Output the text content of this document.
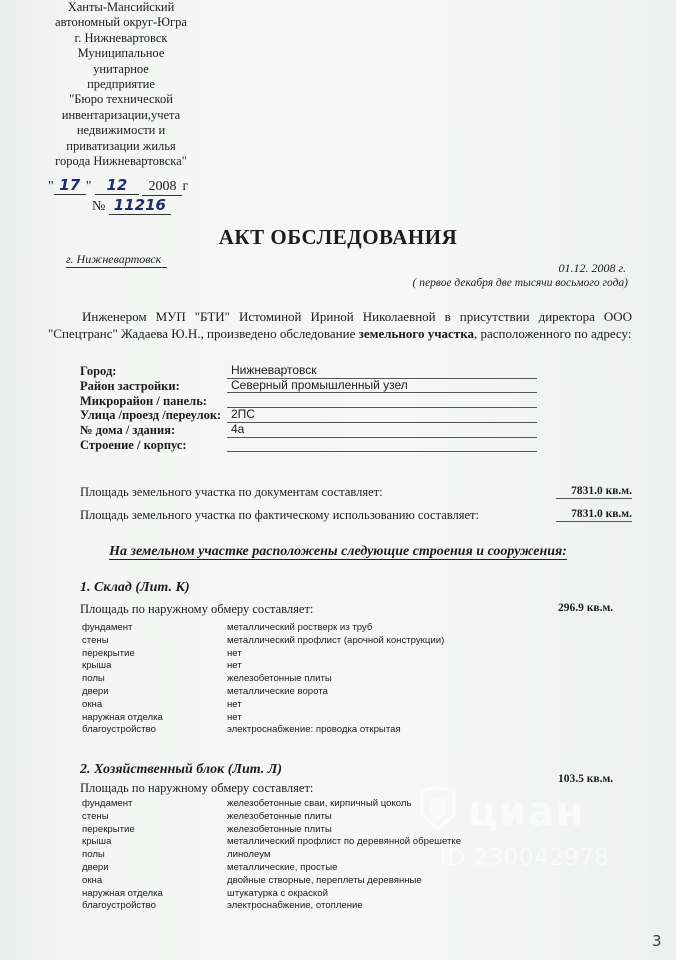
Ханты-Мансийский
автономный округ-Югра
г. Нижневартовск
Муниципальное
унитарное
предприятие
"Бюро технической
инвентаризации,учета
недвижимости и
приватизации жилья
города Нижневартовска"
" 17 " 12 2008 г
№ 11216
АКТ ОБСЛЕДОВАНИЯ
г. Нижневартовск
01.12. 2008 г.
( первое декабря две тысячи восьмого года)
Инженером МУП "БТИ" Истоминой Ириной Николаевной в присутствии директора ООО "Спецтранс" Жадаева Ю.Н., произведено обследование земельного участка, расположенного по адресу:
Город:	Нижневартовск
Район застройки:	Северный промышленный узел
Микрорайон / панель:
Улица /проезд /переулок: 2ПС
№ дома / здания:	4а
Строение / корпус:
Площадь земельного участка по документам составляет:	7831.0 кв.м.
Площадь земельного участка по фактическому использованию составляет:	7831.0 кв.м.
На земельном участке расположены следующие строения и сооружения:
1. Склад (Лит. К)
Площадь по наружному обмеру составляет:	296.9 кв.м.
фундамент	металлический ростверк из труб
стены	металлический профлист (арочной конструкции)
перекрытие	нет
крыша	нет
полы	железобетонные плиты
двери	металлические ворота
окна	нет
наружная отделка	нет
благоустройство	электроснабжение: проводка открытая
2. Хозяйственный блок (Лит. Л)
Площадь по наружному обмеру составляет:
103.5 кв.м.
фундамент	железобетонные сваи, кирпичный цоколь
стены	железобетонные плиты
перекрытие	железобетонные плиты
крыша	металлический профлист по деревянной обрешетке
полы	линолеум
двери	металлические, простые
окна	двойные створные, переплеты деревянные
наружная отделка	штукатурка с окраской
благоустройство	электроснабжение, отопление
циан
ID 230042978
3
